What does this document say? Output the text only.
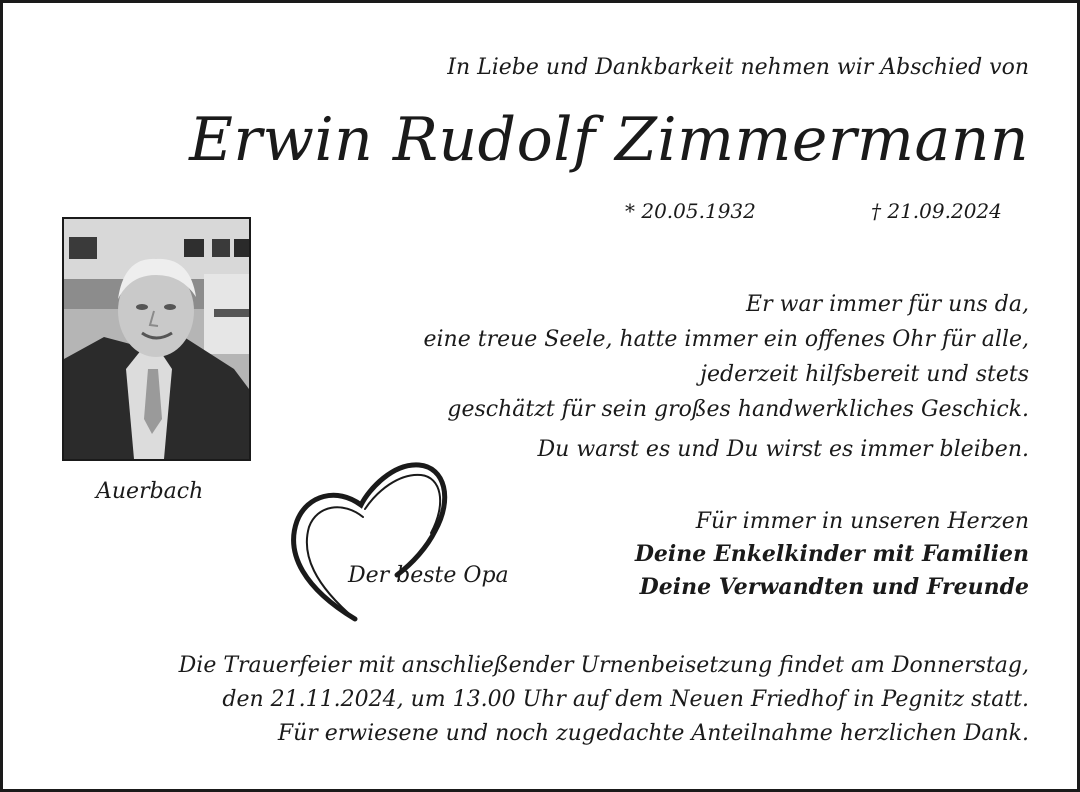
In Liebe und Dankbarkeit nehmen wir Abschied von
Erwin Rudolf Zimmermann
* 20.05.1932	† 21.09.2024
Auerbach
Er war immer für uns da,
eine treue Seele, hatte immer ein offenes Ohr für alle,
jederzeit hilfsbereit und stets
geschätzt für sein großes handwerkliches Geschick.
Du warst es und Du wirst es immer bleiben.
Der beste Opa
Für immer in unseren Herzen
Deine Enkelkinder mit Familien
Deine Verwandten und Freunde
Die Trauerfeier mit anschließender Urnenbeisetzung findet am Donnerstag,
den 21.11.2024, um 13.00 Uhr auf dem Neuen Friedhof in Pegnitz statt.
Für erwiesene und noch zugedachte Anteilnahme herzlichen Dank.
